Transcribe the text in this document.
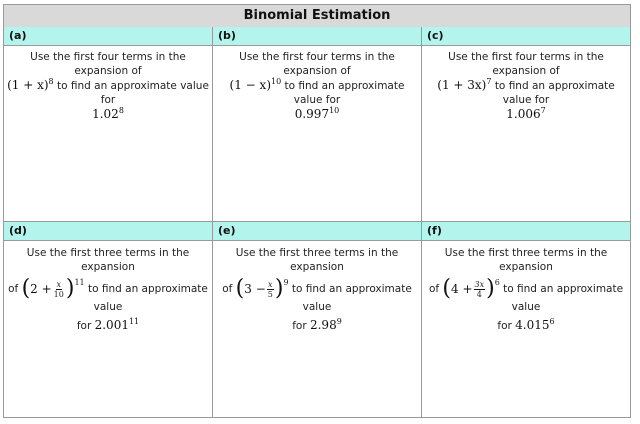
Binomial Estimation
(a)
Use the first four terms in the expansion of
$(1 + x)^8$ to find an approximate value for
1.02$^8$
(b)
Use the first four terms in the expansion of
$(1 - x)^{10}$ to find an approximate value for
0.997$^{10}$
(c)
Use the first four terms in the expansion of
$(1 + 3x)^7$ to find an approximate value for
1.006$^7$
(d)
Use the first three terms in the expansion
of ( $2 + \frac{x}{10}$ ) 11
to find an approximate value
for 2.001$^{11}$
(e)
Use the first three terms in the expansion
of ( $3 - \frac{x}{5}$ ) 9
to find an approximate value
for 2.98$^9$
(f)
Use the first three terms in the expansion
of ( $4 + \frac{3x}{4}$ ) 6
to find an approximate value
for 4.015$^6$
